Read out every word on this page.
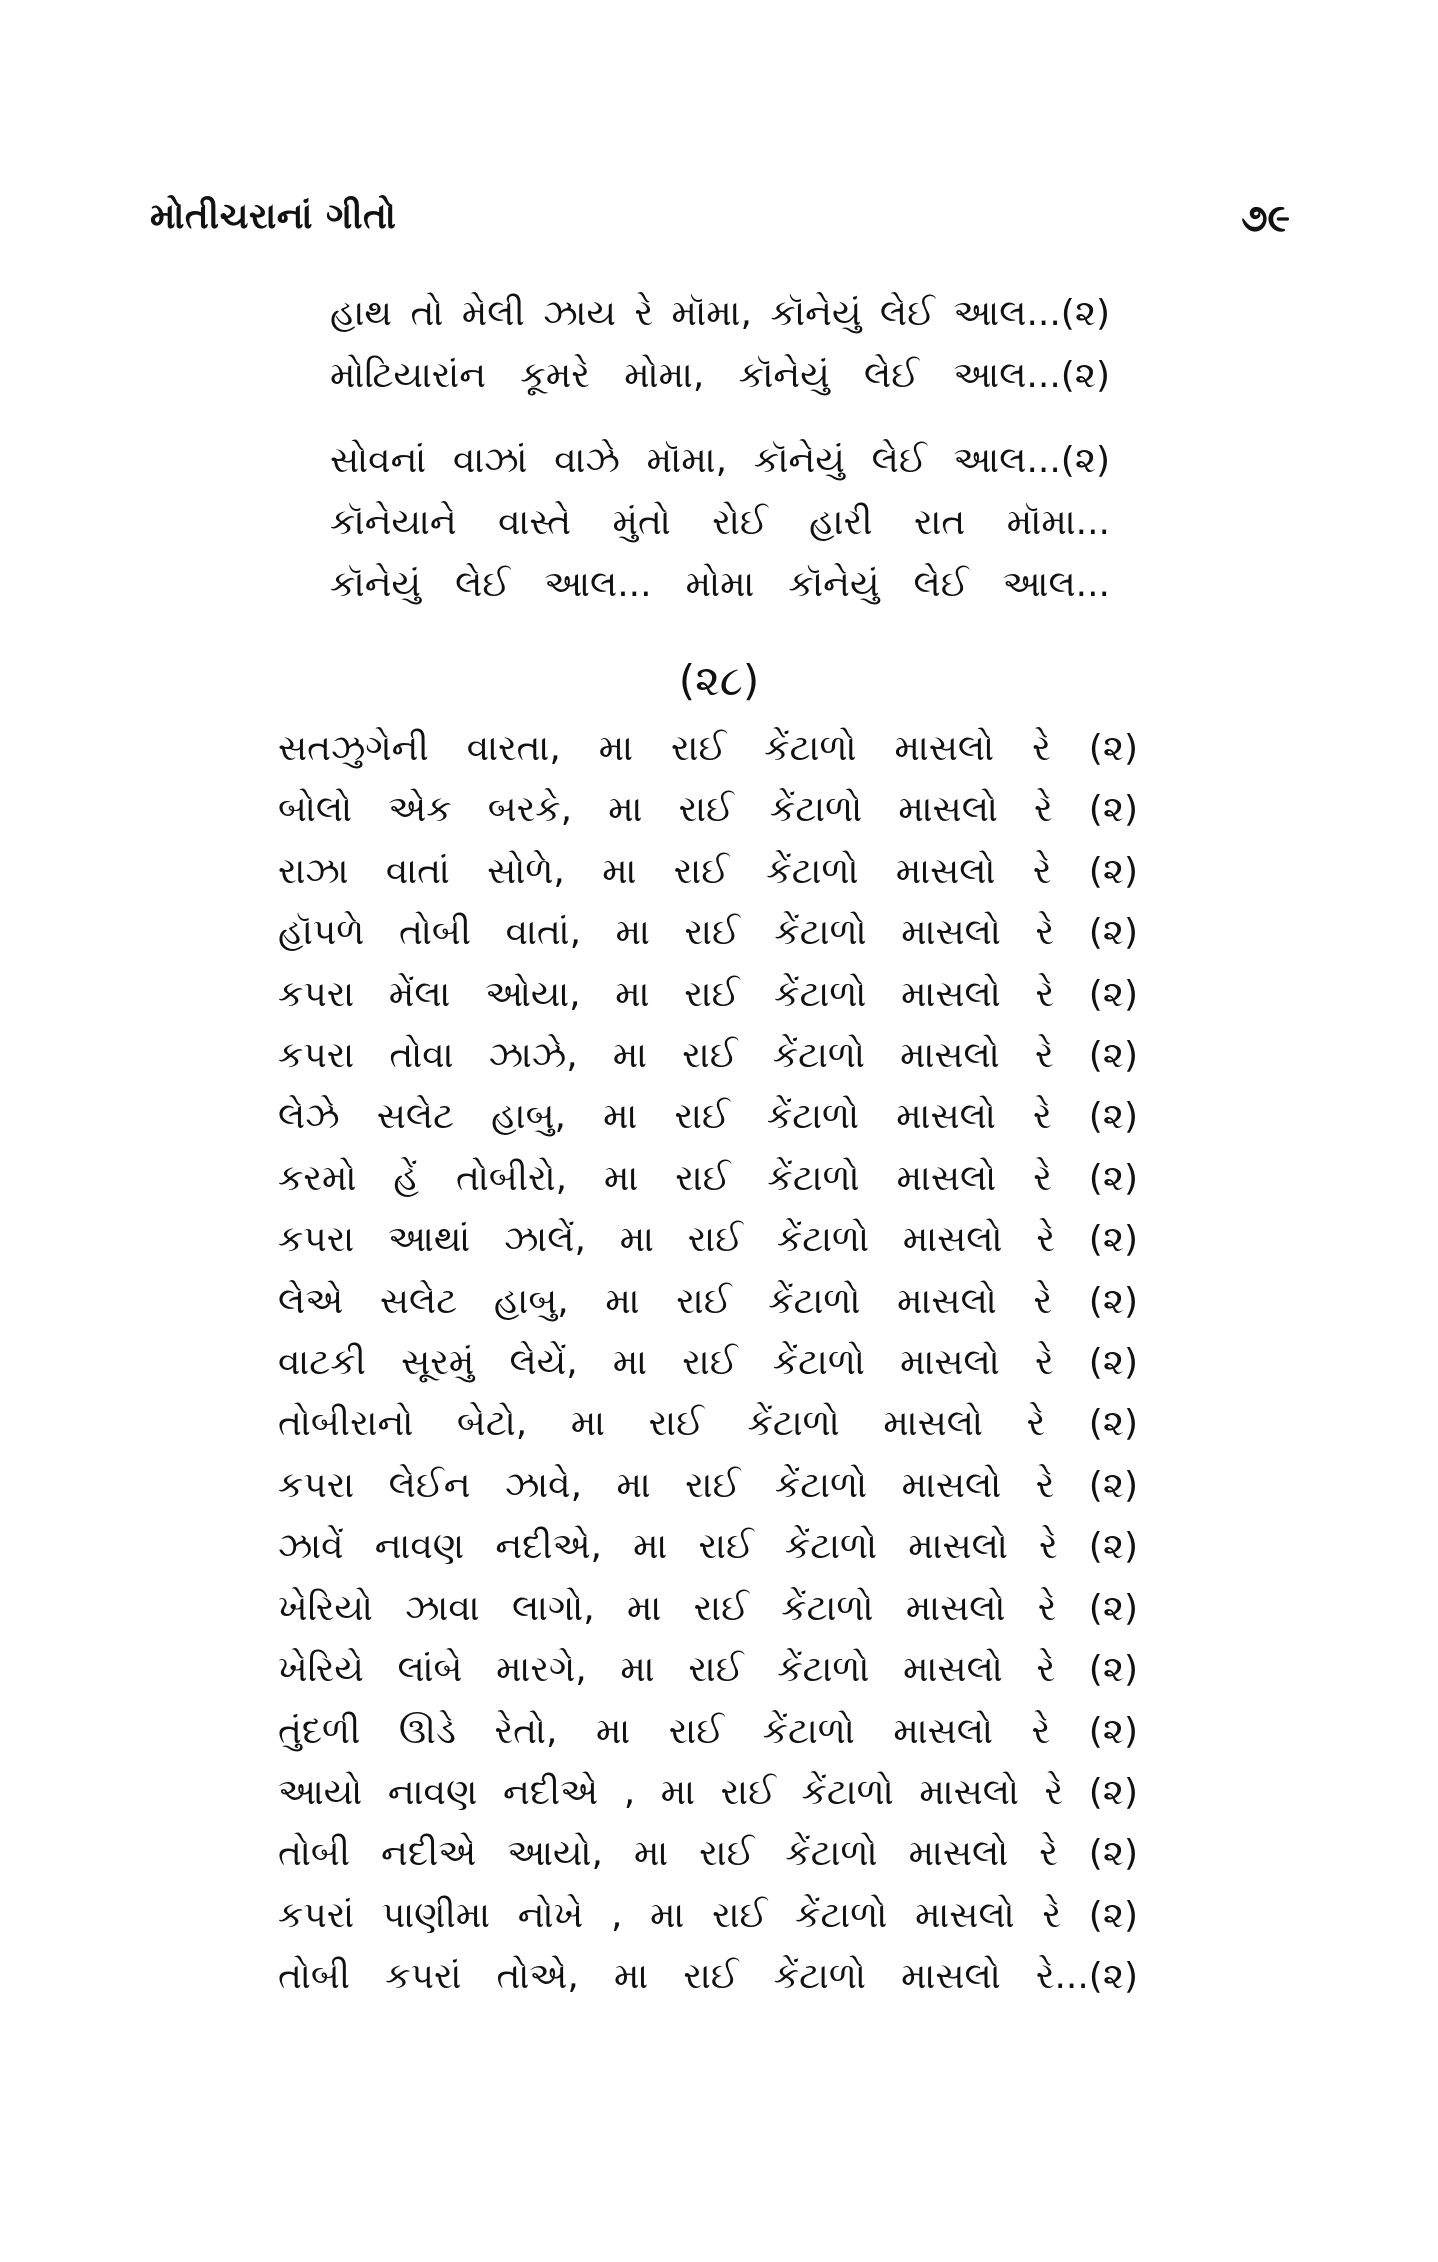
મોતીચરાનાં ગીતો	૭૯
હાથ તો મેલી ઝાય રે મૉમા, કૉનેયું લેઈ આલ...(૨)
મોટિયારાંન કૂમરે મોમા, કૉનેયું લેઈ આલ...(૨)
સોવનાં વાઝાં વાઝે મૉમા, કૉનેયું લેઈ આલ...(૨)
કૉનેયાને વાસ્તે મુંતો રોઈ હારી રાત મૉમા...
કૉનેયું લેઈ આલ... મોમા કૉનેયું લેઈ આલ...
(૨૮)
સતઝુગેની વારતા, મા રાઈ કેંટાળો માસલો રે (૨)
બોલો એક બરકે, મા રાઈ કેંટાળો માસલો રે (૨)
રાઝા વાતાં સોળે, મા રાઈ કેંટાળો માસલો રે (૨)
હૉપળે તોબી વાતાં, મા રાઈ કેંટાળો માસલો રે (૨)
કપરા મેંલા ઓયા, મા રાઈ કેંટાળો માસલો રે (૨)
કપરા તોવા ઝાઝે, મા રાઈ કેંટાળો માસલો રે (૨)
લેઝે સલેટ હાબુ, મા રાઈ કેંટાળો માસલો રે (૨)
કરમો હેં તોબીરો, મા રાઈ કેંટાળો માસલો રે (૨)
કપરા આથાં ઝાલેં, મા રાઈ કેંટાળો માસલો રે (૨)
લેએ સલેટ હાબુ, મા રાઈ કેંટાળો માસલો રે (૨)
વાટકી સૂરમું લેયેં, મા રાઈ કેંટાળો માસલો રે (૨)
તોબીરાનો બેટો, મા રાઈ કેંટાળો માસલો રે (૨)
કપરા લેઈન ઝાવે, મા રાઈ કેંટાળો માસલો રે (૨)
ઝાવેં નાવણ નદીએ, મા રાઈ કેંટાળો માસલો રે (૨)
ખેરિયો ઝાવા લાગો, મા રાઈ કેંટાળો માસલો રે (૨)
ખેરિયે લાંબે મારગે, મા રાઈ કેંટાળો માસલો રે (૨)
તુંદળી ઊડે રેતો, મા રાઈ કેંટાળો માસલો રે (૨)
આયો નાવણ નદીએ , મા રાઈ કેંટાળો માસલો રે (૨)
તોબી નદીએ આયો, મા રાઈ કેંટાળો માસલો રે (૨)
કપરાં પાણીમા નોખે , મા રાઈ કેંટાળો માસલો રે (૨)
તોબી કપરાં તોએ, મા રાઈ કેંટાળો માસલો રે...(૨)
